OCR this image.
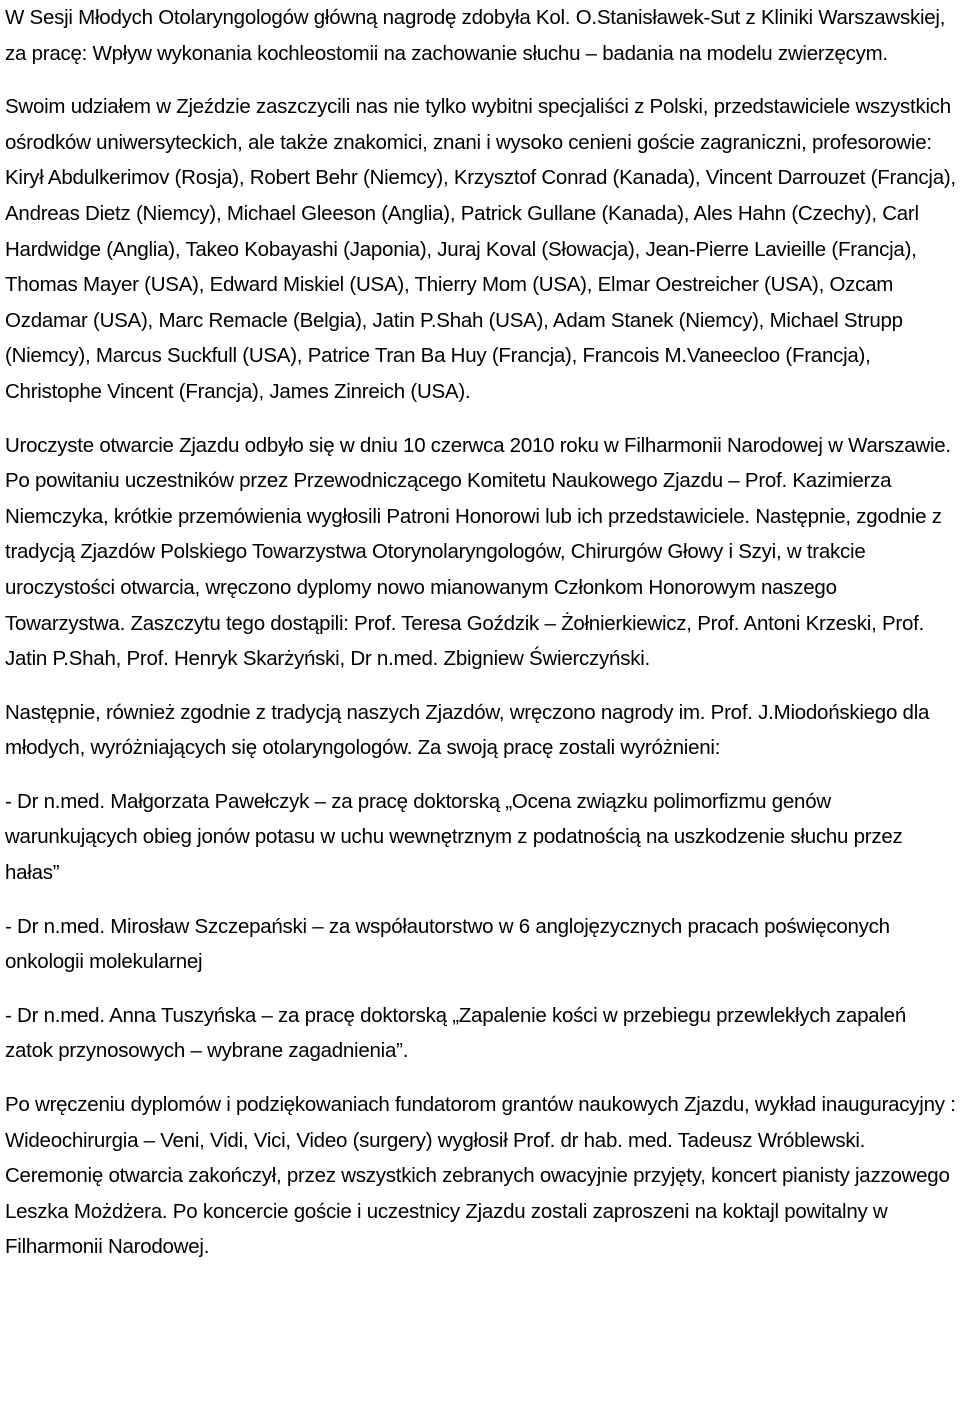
W Sesji Młodych Otolaryngologów główną nagrodę zdobyła Kol. O.Stanisławek-Sut z Kliniki Warszawskiej, za pracę: Wpływ wykonania kochleostomii na zachowanie słuchu – badania na modelu zwierzęcym.

Swoim udziałem w Zjeździe zaszczycili nas nie tylko wybitni specjaliści z Polski, przedstawiciele wszystkich ośrodków uniwersyteckich, ale także znakomici, znani i wysoko cenieni goście zagraniczni, profesorowie: Kirył Abdulkerimov (Rosja), Robert Behr (Niemcy), Krzysztof Conrad (Kanada), Vincent Darrouzet (Francja), Andreas Dietz (Niemcy), Michael Gleeson (Anglia), Patrick Gullane (Kanada), Ales Hahn (Czechy), Carl Hardwidge (Anglia), Takeo Kobayashi (Japonia), Juraj Koval (Słowacja), Jean-Pierre Lavieille (Francja), Thomas Mayer (USA), Edward Miskiel (USA), Thierry Mom (USA), Elmar Oestreicher (USA), Ozcam Ozdamar (USA), Marc Remacle (Belgia), Jatin P.Shah (USA), Adam Stanek (Niemcy), Michael Strupp (Niemcy), Marcus Suckfull (USA), Patrice Tran Ba Huy (Francja), Francois M.Vaneecloo (Francja), Christophe Vincent (Francja), James Zinreich (USA).

Uroczyste otwarcie Zjazdu odbyło się w dniu 10 czerwca 2010 roku w Filharmonii Narodowej w Warszawie. Po powitaniu uczestników przez Przewodniczącego Komitetu Naukowego Zjazdu – Prof. Kazimierza Niemczyka, krótkie przemówienia wygłosili Patroni Honorowi lub ich przedstawiciele. Następnie, zgodnie z tradycją Zjazdów Polskiego Towarzystwa Otorynolaryngologów, Chirurgów Głowy i Szyi, w trakcie uroczystości otwarcia, wręczono dyplomy nowo mianowanym Członkom Honorowym naszego Towarzystwa. Zaszczytu tego dostąpili: Prof. Teresa Goździk – Żołnierkiewicz, Prof. Antoni Krzeski, Prof. Jatin P.Shah, Prof. Henryk Skarżyński, Dr n.med. Zbigniew Świerczyński.

Następnie, również zgodnie z tradycją naszych Zjazdów, wręczono nagrody im. Prof. J.Miodońskiego dla młodych, wyróżniających się otolaryngologów. Za swoją pracę zostali wyróżnieni:

- Dr n.med. Małgorzata Pawełczyk – za pracę doktorską „Ocena związku polimorfizmu genów warunkujących obieg jonów potasu w uchu wewnętrznym z podatnością na uszkodzenie słuchu przez hałas”

- Dr n.med. Mirosław Szczepański – za współautorstwo w 6 anglojęzycznych pracach poświęconych onkologii molekularnej

- Dr n.med. Anna Tuszyńska – za pracę doktorską „Zapalenie kości w przebiegu przewlekłych zapaleń zatok przynosowych – wybrane zagadnienia”.

Po wręczeniu dyplomów i podziękowaniach fundatorom grantów naukowych Zjazdu, wykład inauguracyjny : Wideochirurgia – Veni, Vidi, Vici, Video (surgery) wygłosił Prof. dr hab. med. Tadeusz Wróblewski. Ceremonię otwarcia zakończył, przez wszystkich zebranych owacyjnie przyjęty, koncert pianisty jazzowego Leszka Możdżera. Po koncercie goście i uczestnicy Zjazdu zostali zaproszeni na koktajl powitalny w Filharmonii Narodowej.
